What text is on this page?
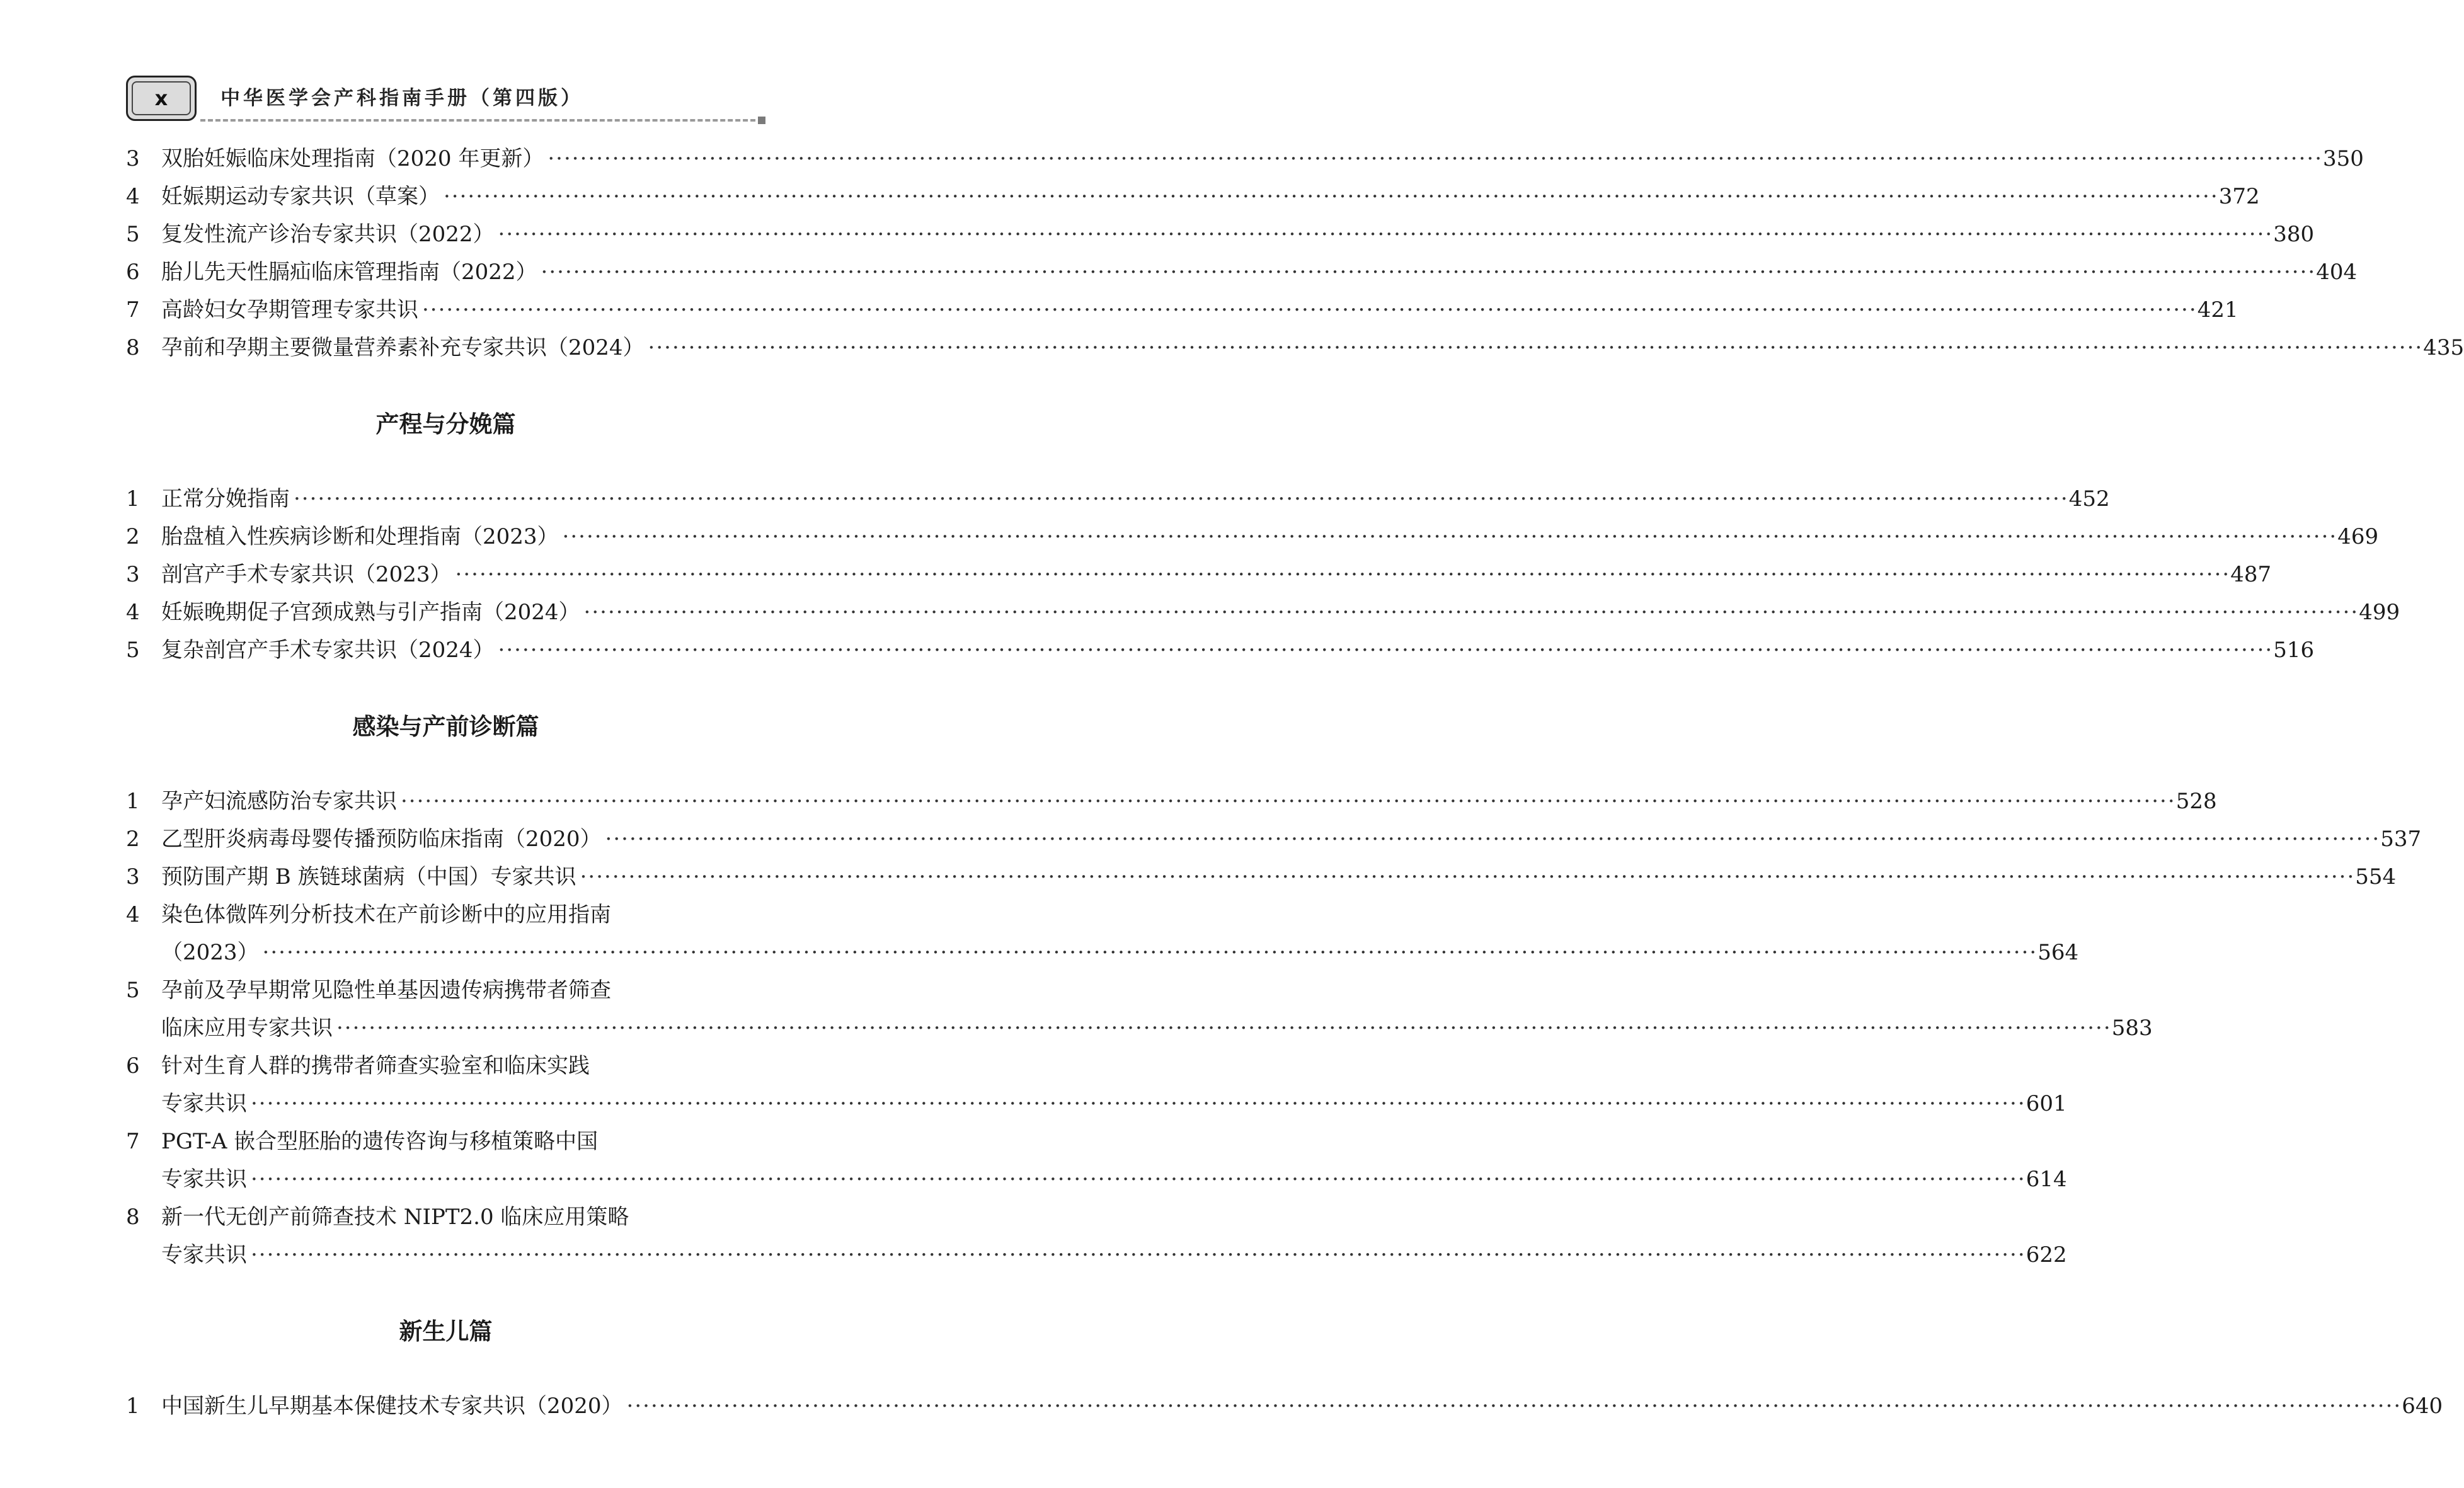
x	中华医学会产科指南手册（第四版）
3	双胎妊娠临床处理指南（2020 年更新） ···························································································································································································································· 350
4	妊娠期运动专家共识（草案） ···························································································································································································································· 372
5	复发性流产诊治专家共识（2022） ···························································································································································································································· 380
6	胎儿先天性膈疝临床管理指南（2022） ···························································································································································································································· 404
7	高龄妇女孕期管理专家共识 ···························································································································································································································· 421
8	孕前和孕期主要微量营养素补充专家共识（2024） ···························································································································································································································· 435
产程与分娩篇
1	正常分娩指南 ···························································································································································································································· 452
2	胎盘植入性疾病诊断和处理指南（2023） ···························································································································································································································· 469
3	剖宫产手术专家共识（2023） ···························································································································································································································· 487
4	妊娠晚期促子宫颈成熟与引产指南（2024） ···························································································································································································································· 499
5	复杂剖宫产手术专家共识（2024） ···························································································································································································································· 516
感染与产前诊断篇
1	孕产妇流感防治专家共识 ···························································································································································································································· 528
2	乙型肝炎病毒母婴传播预防临床指南（2020） ···························································································································································································································· 537
3	预防围产期 B 族链球菌病（中国）专家共识 ···························································································································································································································· 554
4	染色体微阵列分析技术在产前诊断中的应用指南
（2023） ···························································································································································································································· 564
5	孕前及孕早期常见隐性单基因遗传病携带者筛查
临床应用专家共识 ···························································································································································································································· 583
6	针对生育人群的携带者筛查实验室和临床实践
专家共识 ···························································································································································································································· 601
7	PGT-A 嵌合型胚胎的遗传咨询与移植策略中国
专家共识 ···························································································································································································································· 614
8	新一代无创产前筛查技术 NIPT2.0 临床应用策略
专家共识 ···························································································································································································································· 622
新生儿篇
1	中国新生儿早期基本保健技术专家共识（2020） ···························································································································································································································· 640
